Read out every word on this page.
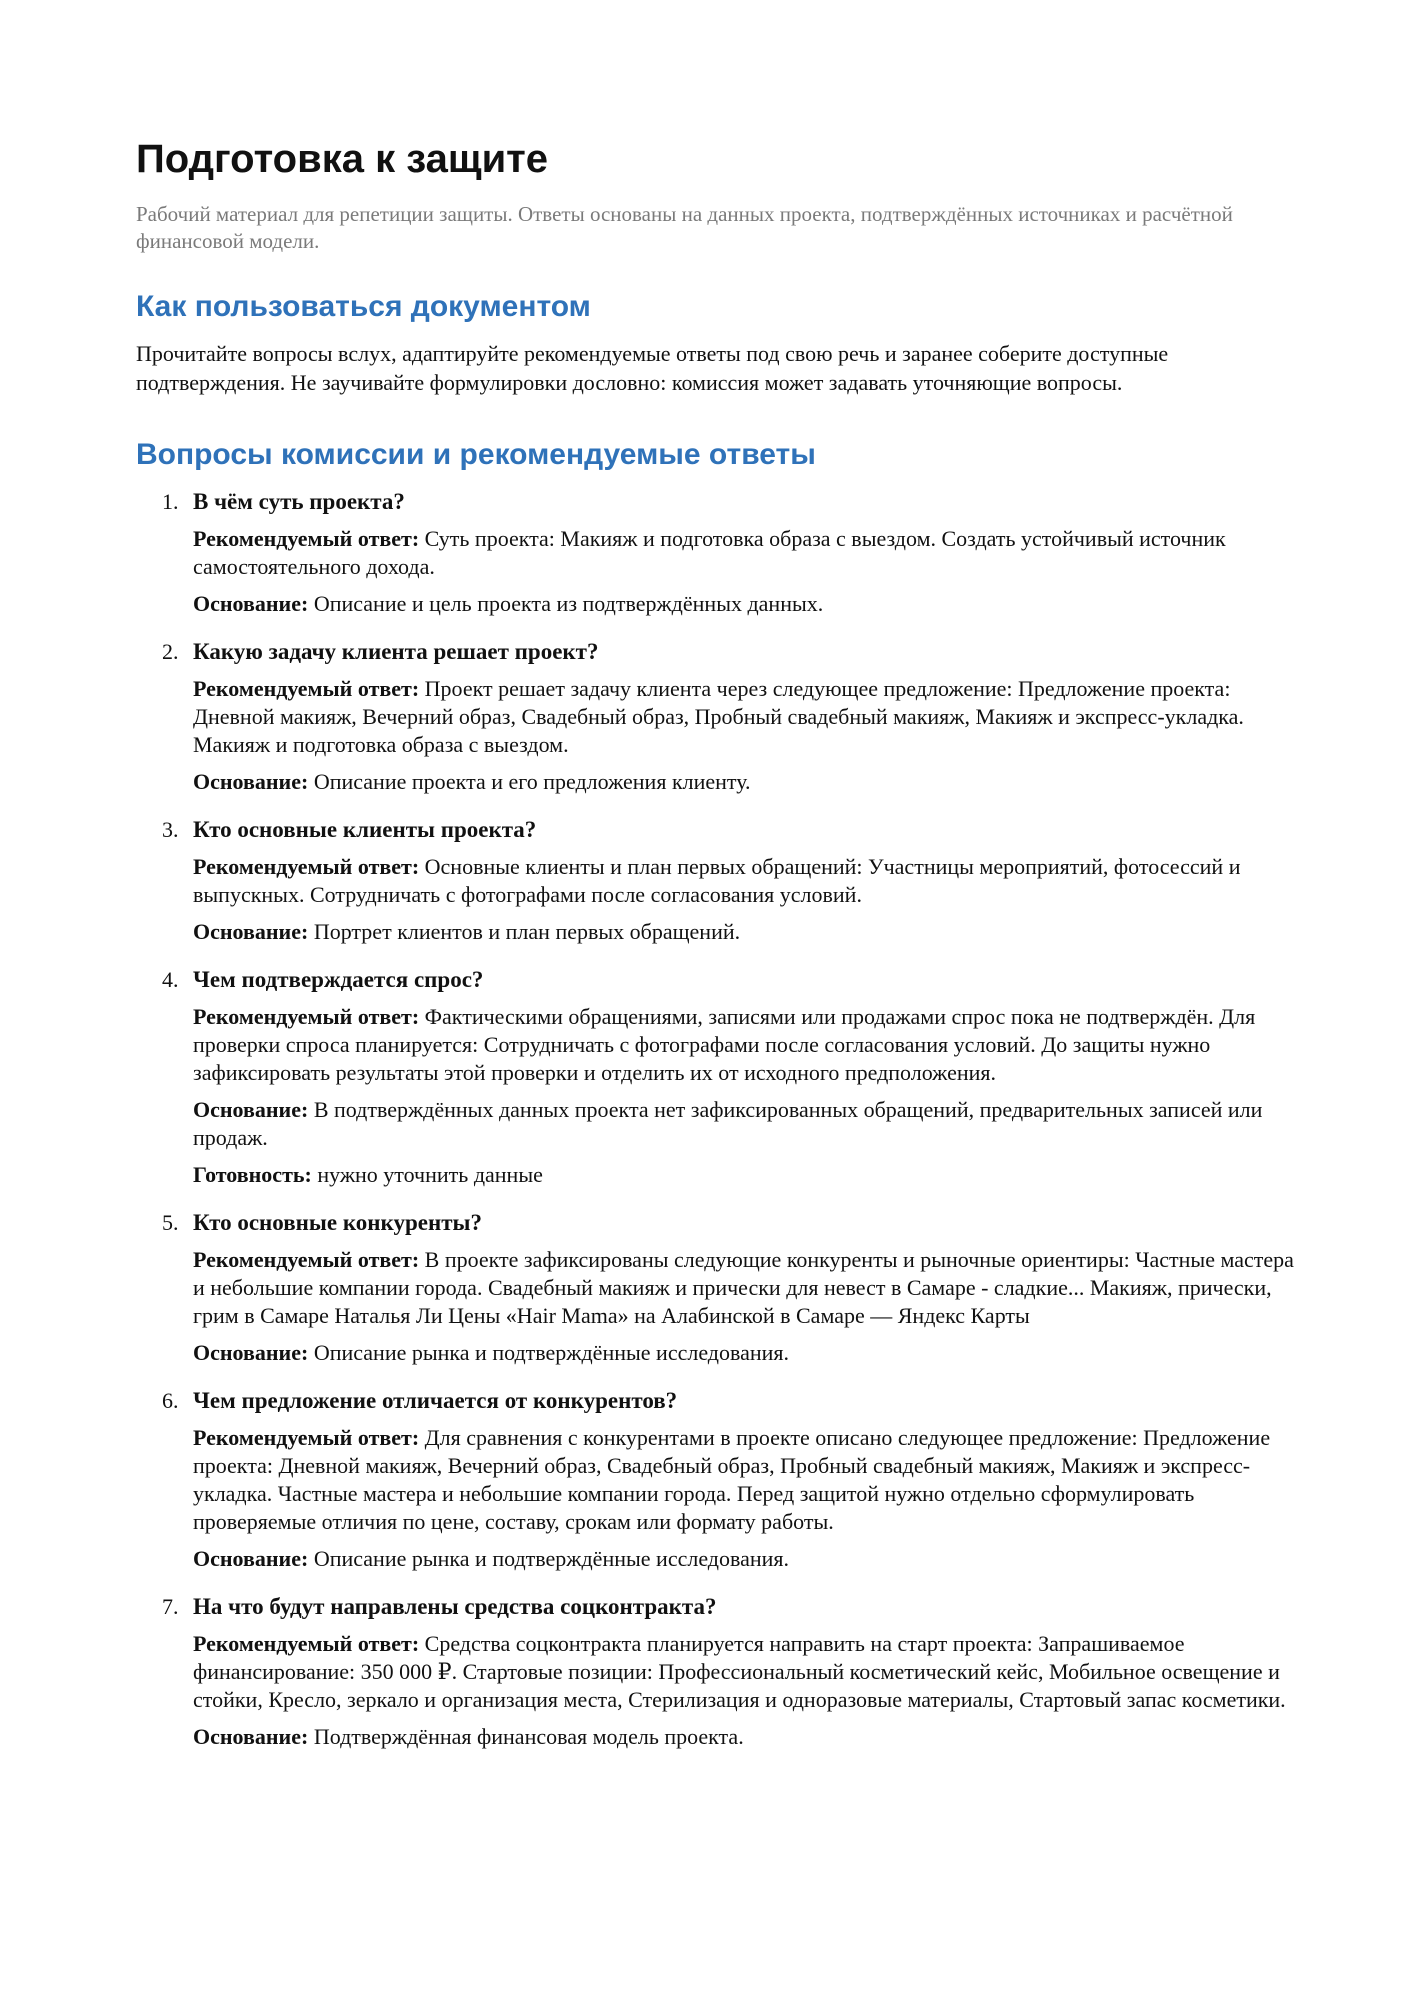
Подготовка к защите

Рабочий материал для репетиции защиты. Ответы основаны на данных проекта, подтверждённых источниках и расчётной финансовой модели.

Как пользоваться документом

Прочитайте вопросы вслух, адаптируйте рекомендуемые ответы под свою речь и заранее соберите доступные подтверждения. Не заучивайте формулировки дословно: комиссия может задавать уточняющие вопросы.

Вопросы комиссии и рекомендуемые ответы
1. В чём суть проекта?

Рекомендуемый ответ: Суть проекта: Макияж и подготовка образа с выездом. Создать устойчивый источник самостоятельного дохода.

Основание: Описание и цель проекта из подтверждённых данных.

2. Какую задачу клиента решает проект?

Рекомендуемый ответ: Проект решает задачу клиента через следующее предложение: Предложение проекта: Дневной макияж, Вечерний образ, Свадебный образ, Пробный свадебный макияж, Макияж и экспресс-укладка. Макияж и подготовка образа с выездом.

Основание: Описание проекта и его предложения клиенту.

3. Кто основные клиенты проекта?

Рекомендуемый ответ: Основные клиенты и план первых обращений: Участницы мероприятий, фотосессий и выпускных. Сотрудничать с фотографами после согласования условий.

Основание: Портрет клиентов и план первых обращений.

4. Чем подтверждается спрос?

Рекомендуемый ответ: Фактическими обращениями, записями или продажами спрос пока не подтверждён. Для проверки спроса планируется: Сотрудничать с фотографами после согласования условий. До защиты нужно зафиксировать результаты этой проверки и отделить их от исходного предположения.

Основание: В подтверждённых данных проекта нет зафиксированных обращений, предварительных записей или продаж.

Готовность: нужно уточнить данные

5. Кто основные конкуренты?

Рекомендуемый ответ: В проекте зафиксированы следующие конкуренты и рыночные ориентиры: Частные мастера и небольшие компании города. Свадебный макияж и прически для невест в Самаре - сладкие... Макияж, прически, грим в Самаре Наталья Ли Цены «Hair Mama» на Алабинской в Самаре — Яндекс Карты

Основание: Описание рынка и подтверждённые исследования.

6. Чем предложение отличается от конкурентов?

Рекомендуемый ответ: Для сравнения с конкурентами в проекте описано следующее предложение: Предложение проекта: Дневной макияж, Вечерний образ, Свадебный образ, Пробный свадебный макияж, Макияж и экспресс-укладка. Частные мастера и небольшие компании города. Перед защитой нужно отдельно сформулировать проверяемые отличия по цене, составу, срокам или формату работы.

Основание: Описание рынка и подтверждённые исследования.

7. На что будут направлены средства соцконтракта?

Рекомендуемый ответ: Средства соцконтракта планируется направить на старт проекта: Запрашиваемое финансирование: 350 000 ₽. Стартовые позиции: Профессиональный косметический кейс, Мобильное освещение и стойки, Кресло, зеркало и организация места, Стерилизация и одноразовые материалы, Стартовый запас косметики.

Основание: Подтверждённая финансовая модель проекта.
